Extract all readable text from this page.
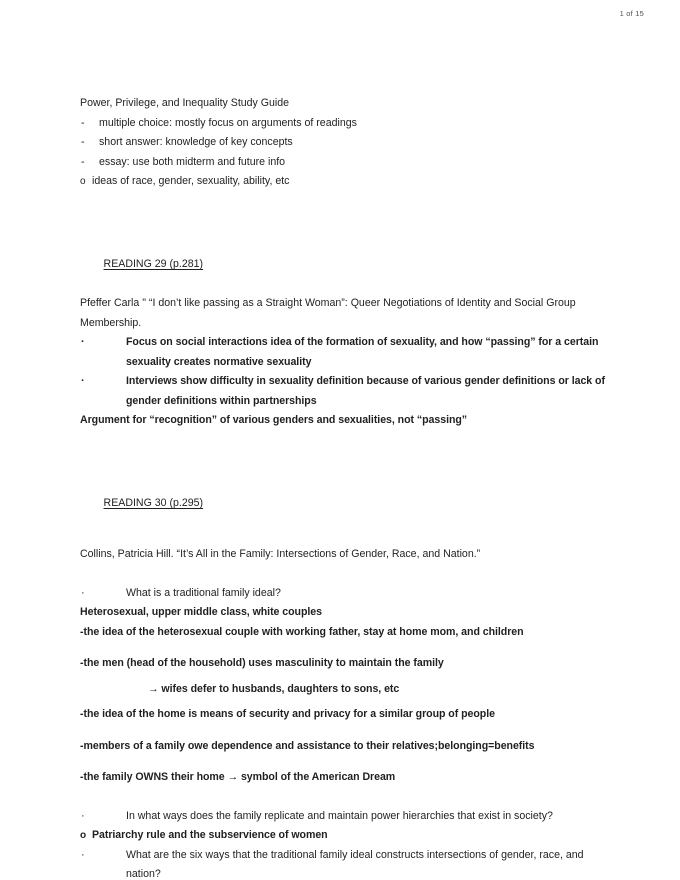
1 of 15
Power, Privilege, and Inequality Study Guide
-	multiple choice: mostly focus on arguments of readings
-	short answer: knowledge of key concepts
-	essay: use both midterm and future info
o ideas of race, gender, sexuality, ability, etc

READING 29 (p.281)

Pfeffer Carla " “I don’t like passing as a Straight Woman”: Queer Negotiations of Identity and Social Group Membership.
·	Focus on social interactions idea of the formation of sexuality, and how “passing” for a certain sexuality creates normative sexuality
·	Interviews show difficulty in sexuality definition because of various gender definitions or lack of gender definitions within partnerships
Argument for “recognition” of various genders and sexualities, not “passing”

READING 30 (p.295)

Collins, Patricia Hill. “It’s All in the Family: Intersections of Gender, Race, and Nation.”
·	What is a traditional family ideal?
Heterosexual, upper middle class, white couples
-the idea of the heterosexual couple with working father, stay at home mom, and children
-the men (head of the household) uses masculinity to maintain the family
→ wifes defer to husbands, daughters to sons, etc
-the idea of the home is means of security and privacy for a similar group of people
-members of a family owe dependence and assistance to their relatives;belonging=benefits
-the family OWNS their home → symbol of the American Dream
·	In what ways does the family replicate and maintain power hierarchies that exist in society?
o Patriarchy rule and the subservience of women
·	What are the six ways that the traditional family ideal constructs intersections of gender, race, and nation?
